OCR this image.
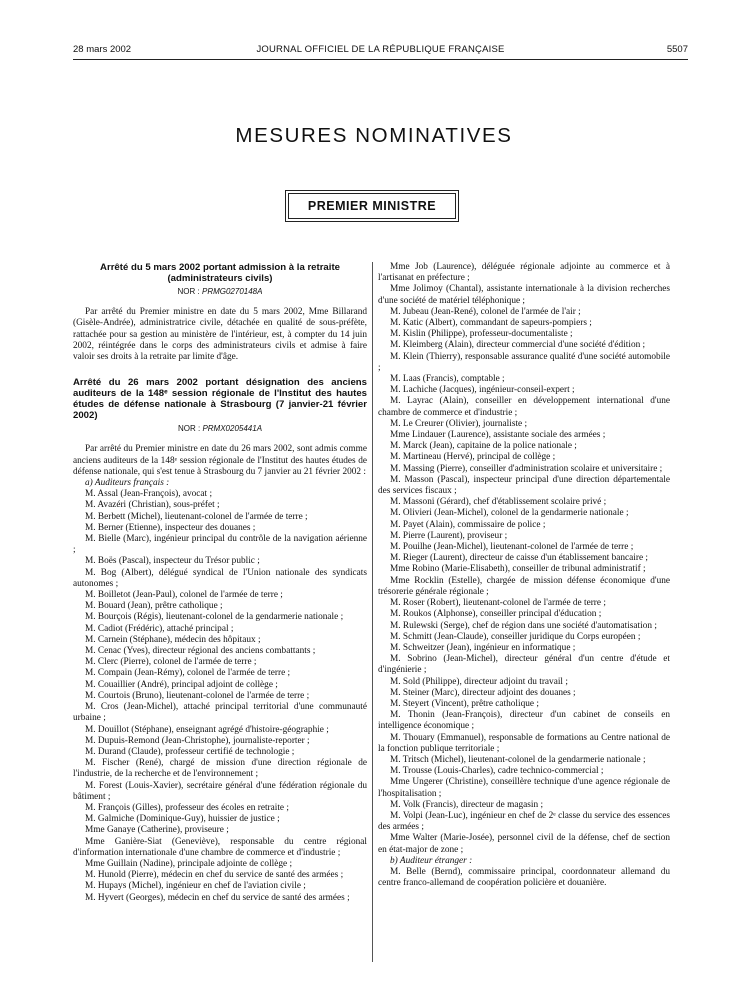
28 mars 2002	JOURNAL OFFICIEL DE LA RÉPUBLIQUE FRANÇAISE	5507
MESURES NOMINATIVES
PREMIER MINISTRE
Arrêté du 5 mars 2002 portant admission à la retraite (administrateurs civils)
NOR : PRMG0270148A

Par arrêté du Premier ministre en date du 5 mars 2002, Mme Billarand (Gisèle-Andrée), administratrice civile, détachée en qualité de sous-préfète, rattachée pour sa gestion au ministère de l'intérieur, est, à compter du 14 juin 2002, réintégrée dans le corps des administrateurs civils et admise à faire valoir ses droits à la retraite par limite d'âge.

Arrêté du 26 mars 2002 portant désignation des anciens auditeurs de la 148ᵉ session régionale de l'Institut des hautes études de défense nationale à Strasbourg (7 janvier-21 février 2002)
NOR : PRMX0205441A

Par arrêté du Premier ministre en date du 26 mars 2002, sont admis comme anciens auditeurs de la 148ᵉ session régionale de l'Institut des hautes études de défense nationale, qui s'est tenue à Strasbourg du 7 janvier au 21 février 2002 :

a) Auditeurs français :

M. Assal (Jean-François), avocat ;

M. Avazéri (Christian), sous-préfet ;

M. Berbett (Michel), lieutenant-colonel de l'armée de terre ;

M. Berner (Etienne), inspecteur des douanes ;

M. Bielle (Marc), ingénieur principal du contrôle de la navigation aérienne ;

M. Boës (Pascal), inspecteur du Trésor public ;

M. Bog (Albert), délégué syndical de l'Union nationale des syndicats autonomes ;

M. Boilletot (Jean-Paul), colonel de l'armée de terre ;

M. Bouard (Jean), prêtre catholique ;

M. Bourçois (Régis), lieutenant-colonel de la gendarmerie nationale ;

M. Cadiot (Frédéric), attaché principal ;

M. Carnein (Stéphane), médecin des hôpitaux ;

M. Cenac (Yves), directeur régional des anciens combattants ;

M. Clerc (Pierre), colonel de l'armée de terre ;

M. Compain (Jean-Rémy), colonel de l'armée de terre ;

M. Couaillier (André), principal adjoint de collège ;

M. Courtois (Bruno), lieutenant-colonel de l'armée de terre ;

M. Cros (Jean-Michel), attaché principal territorial d'une communauté urbaine ;

M. Douillot (Stéphane), enseignant agrégé d'histoire-géographie ;

M. Dupuis-Remond (Jean-Christophe), journaliste-reporter ;

M. Durand (Claude), professeur certifié de technologie ;

M. Fischer (René), chargé de mission d'une direction régionale de l'industrie, de la recherche et de l'environnement ;

M. Forest (Louis-Xavier), secrétaire général d'une fédération régionale du bâtiment ;

M. François (Gilles), professeur des écoles en retraite ;

M. Galmiche (Dominique-Guy), huissier de justice ;

Mme Ganaye (Catherine), proviseure ;

Mme Ganière-Siat (Geneviève), responsable du centre régional d'information internationale d'une chambre de commerce et d'industrie ;

Mme Guillain (Nadine), principale adjointe de collège ;

M. Hunold (Pierre), médecin en chef du service de santé des armées ;

M. Hupays (Michel), ingénieur en chef de l'aviation civile ;

M. Hyvert (Georges), médecin en chef du service de santé des armées ;

Mme Job (Laurence), déléguée régionale adjointe au commerce et à l'artisanat en préfecture ;

Mme Jolimoy (Chantal), assistante internationale à la division recherches d'une société de matériel téléphonique ;

M. Jubeau (Jean-René), colonel de l'armée de l'air ;

M. Katic (Albert), commandant de sapeurs-pompiers ;

M. Kislin (Philippe), professeur-documentaliste ;

M. Kleimberg (Alain), directeur commercial d'une société d'édition ;

M. Klein (Thierry), responsable assurance qualité d'une société automobile ;

M. Laas (Francis), comptable ;

M. Lachiche (Jacques), ingénieur-conseil-expert ;

M. Layrac (Alain), conseiller en développement international d'une chambre de commerce et d'industrie ;

M. Le Creurer (Olivier), journaliste ;

Mme Lindauer (Laurence), assistante sociale des armées ;

M. Marck (Jean), capitaine de la police nationale ;

M. Martineau (Hervé), principal de collège ;

M. Massing (Pierre), conseiller d'administration scolaire et universitaire ;

M. Masson (Pascal), inspecteur principal d'une direction départementale des services fiscaux ;

M. Massoni (Gérard), chef d'établissement scolaire privé ;

M. Olivieri (Jean-Michel), colonel de la gendarmerie nationale ;

M. Payet (Alain), commissaire de police ;

M. Pierre (Laurent), proviseur ;

M. Pouilhe (Jean-Michel), lieutenant-colonel de l'armée de terre ;

M. Rieger (Laurent), directeur de caisse d'un établissement bancaire ;

Mme Robino (Marie-Elisabeth), conseiller de tribunal administratif ;

Mme Rocklin (Estelle), chargée de mission défense économique d'une trésorerie générale régionale ;

M. Roser (Robert), lieutenant-colonel de l'armée de terre ;

M. Roukos (Alphonse), conseiller principal d'éducation ;

M. Rulewski (Serge), chef de région dans une société d'automatisation ;

M. Schmitt (Jean-Claude), conseiller juridique du Corps européen ;

M. Schweitzer (Jean), ingénieur en informatique ;

M. Sobrino (Jean-Michel), directeur général d'un centre d'étude et d'ingénierie ;

M. Sold (Philippe), directeur adjoint du travail ;

M. Steiner (Marc), directeur adjoint des douanes ;

M. Steyert (Vincent), prêtre catholique ;

M. Thonin (Jean-François), directeur d'un cabinet de conseils en intelligence économique ;

M. Thouary (Emmanuel), responsable de formations au Centre national de la fonction publique territoriale ;

M. Tritsch (Michel), lieutenant-colonel de la gendarmerie nationale ;

M. Trousse (Louis-Charles), cadre technico-commercial ;

Mme Ungerer (Christine), conseillère technique d'une agence régionale de l'hospitalisation ;

M. Volk (Francis), directeur de magasin ;

M. Volpi (Jean-Luc), ingénieur en chef de 2ᵉ classe du service des essences des armées ;

Mme Walter (Marie-Josée), personnel civil de la défense, chef de section en état-major de zone ;

b) Auditeur étranger :

M. Belle (Bernd), commissaire principal, coordonnateur allemand du centre franco-allemand de coopération policière et douanière.
